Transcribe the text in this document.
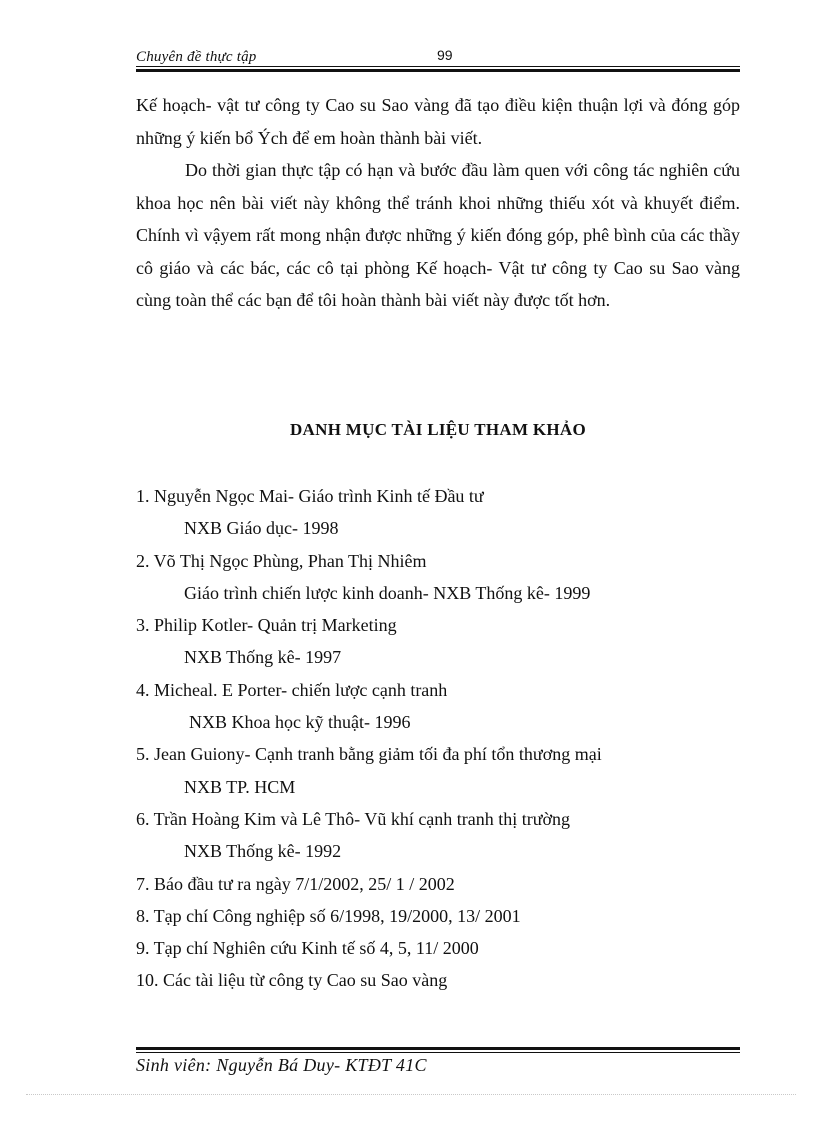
Chuyên đề thực tập	99

Kế hoạch- vật tư công ty Cao su Sao vàng đã tạo điều kiện thuận lợi và đóng góp những ý kiến bổ Ých để em hoàn thành bài viết.

Do thời gian thực tập có hạn và bước đầu làm quen với công tác nghiên cứu khoa học nên bài viết này không thể tránh khoi những thiếu xót và khuyết điểm. Chính vì vậyem rất mong nhận được những ý kiến đóng góp, phê bình của các thầy cô giáo và các bác, các cô tại phòng Kế hoạch- Vật tư công ty Cao su Sao vàng cùng toàn thể các bạn để tôi hoàn thành bài viết này được tốt hơn.

DANH MỤC TÀI LIỆU THAM KHẢO
1. Nguyễn Ngọc Mai- Giáo trình Kinh tế Đầu tư
NXB Giáo dục- 1998
2. Võ Thị Ngọc Phùng, Phan Thị Nhiêm
Giáo trình chiến lược kinh doanh- NXB Thống kê- 1999
3. Philip Kotler- Quản trị Marketing
NXB Thống kê- 1997
4. Micheal. E Porter- chiến lược cạnh tranh
NXB Khoa học kỹ thuật- 1996
5. Jean Guiony- Cạnh tranh bằng giảm tối đa phí tổn thương mại
NXB TP. HCM
6. Trần Hoàng Kim và Lê Thô- Vũ khí cạnh tranh thị trường
NXB Thống kê- 1992
7. Báo đầu tư ra ngày 7/1/2002, 25/ 1 / 2002
8. Tạp chí Công nghiệp số 6/1998, 19/2000, 13/ 2001
9. Tạp chí Nghiên cứu Kinh tế số 4, 5, 11/ 2000
10. Các tài liệu từ công ty Cao su Sao vàng
Sinh viên: Nguyễn Bá Duy- KTĐT 41C
